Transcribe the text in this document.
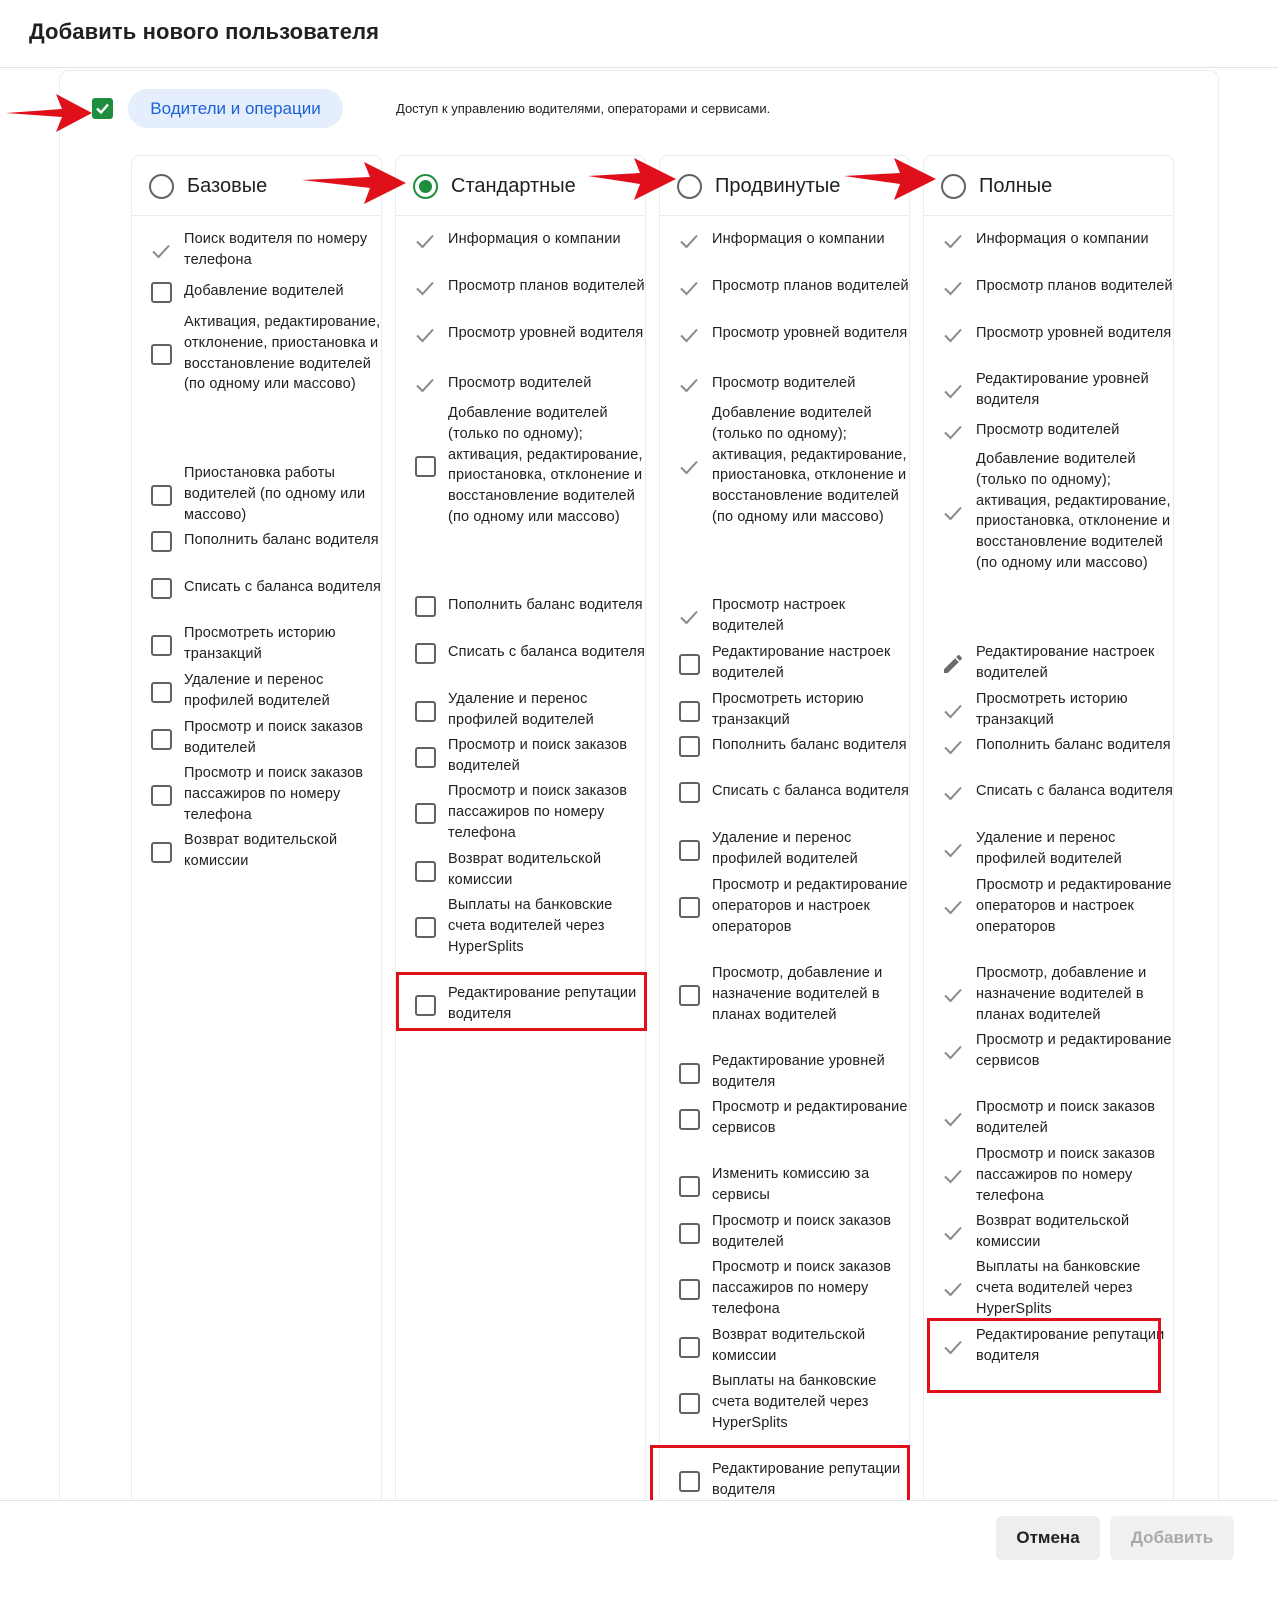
Добавить нового пользователя
Водители и операции	Доступ к управлению водителями, операторами и сервисами.
Базовые
Поиск водителя по номеру телефона
Добавление водителей
Активация, редактирование, отклонение, приостановка и восстановление водителей (по одному или массово)
Приостановка работы водителей (по одному или массово)
Пополнить баланс водителя
Списать с баланса водителя
Просмотреть историю транзакций
Удаление и перенос профилей водителей
Просмотр и поиск заказов водителей
Просмотр и поиск заказов пассажиров по номеру телефона
Возврат водительской комиссии
Стандартные
Информация о компании
Просмотр планов водителей
Просмотр уровней водителя
Просмотр водителей
Добавление водителей (только по одному); активация, редактирование, приостановка, отклонение и восстановление водителей (по одному или массово)
Пополнить баланс водителя
Списать с баланса водителя
Удаление и перенос профилей водителей
Просмотр и поиск заказов водителей
Просмотр и поиск заказов пассажиров по номеру телефона
Возврат водительской комиссии
Выплаты на банковские счета водителей через HyperSplits
Редактирование репутации водителя
Продвинутые
Информация о компании
Просмотр планов водителей
Просмотр уровней водителя
Просмотр водителей
Добавление водителей (только по одному); активация, редактирование, приостановка, отклонение и восстановление водителей (по одному или массово)
Просмотр настроек водителей
Редактирование настроек водителей
Просмотреть историю транзакций
Пополнить баланс водителя
Списать с баланса водителя
Удаление и перенос профилей водителей
Просмотр и редактирование операторов и настроек операторов
Просмотр, добавление и назначение водителей в планах водителей
Редактирование уровней водителя
Просмотр и редактирование сервисов
Изменить комиссию за сервисы
Просмотр и поиск заказов водителей
Просмотр и поиск заказов пассажиров по номеру телефона
Возврат водительской комиссии
Выплаты на банковские счета водителей через HyperSplits
Редактирование репутации водителя
Полные
Информация о компании
Просмотр планов водителей
Просмотр уровней водителя
Редактирование уровней водителя
Просмотр водителей
Добавление водителей (только по одному); активация, редактирование, приостановка, отклонение и восстановление водителей (по одному или массово)
Редактирование настроек водителей
Просмотреть историю транзакций
Пополнить баланс водителя
Списать с баланса водителя
Удаление и перенос профилей водителей
Просмотр и редактирование операторов и настроек операторов
Просмотр, добавление и назначение водителей в планах водителей
Просмотр и редактирование сервисов
Просмотр и поиск заказов водителей
Просмотр и поиск заказов пассажиров по номеру телефона
Возврат водительской комиссии
Выплаты на банковские счета водителей через HyperSplits
Редактирование репутации водителя
Отмена	Добавить
